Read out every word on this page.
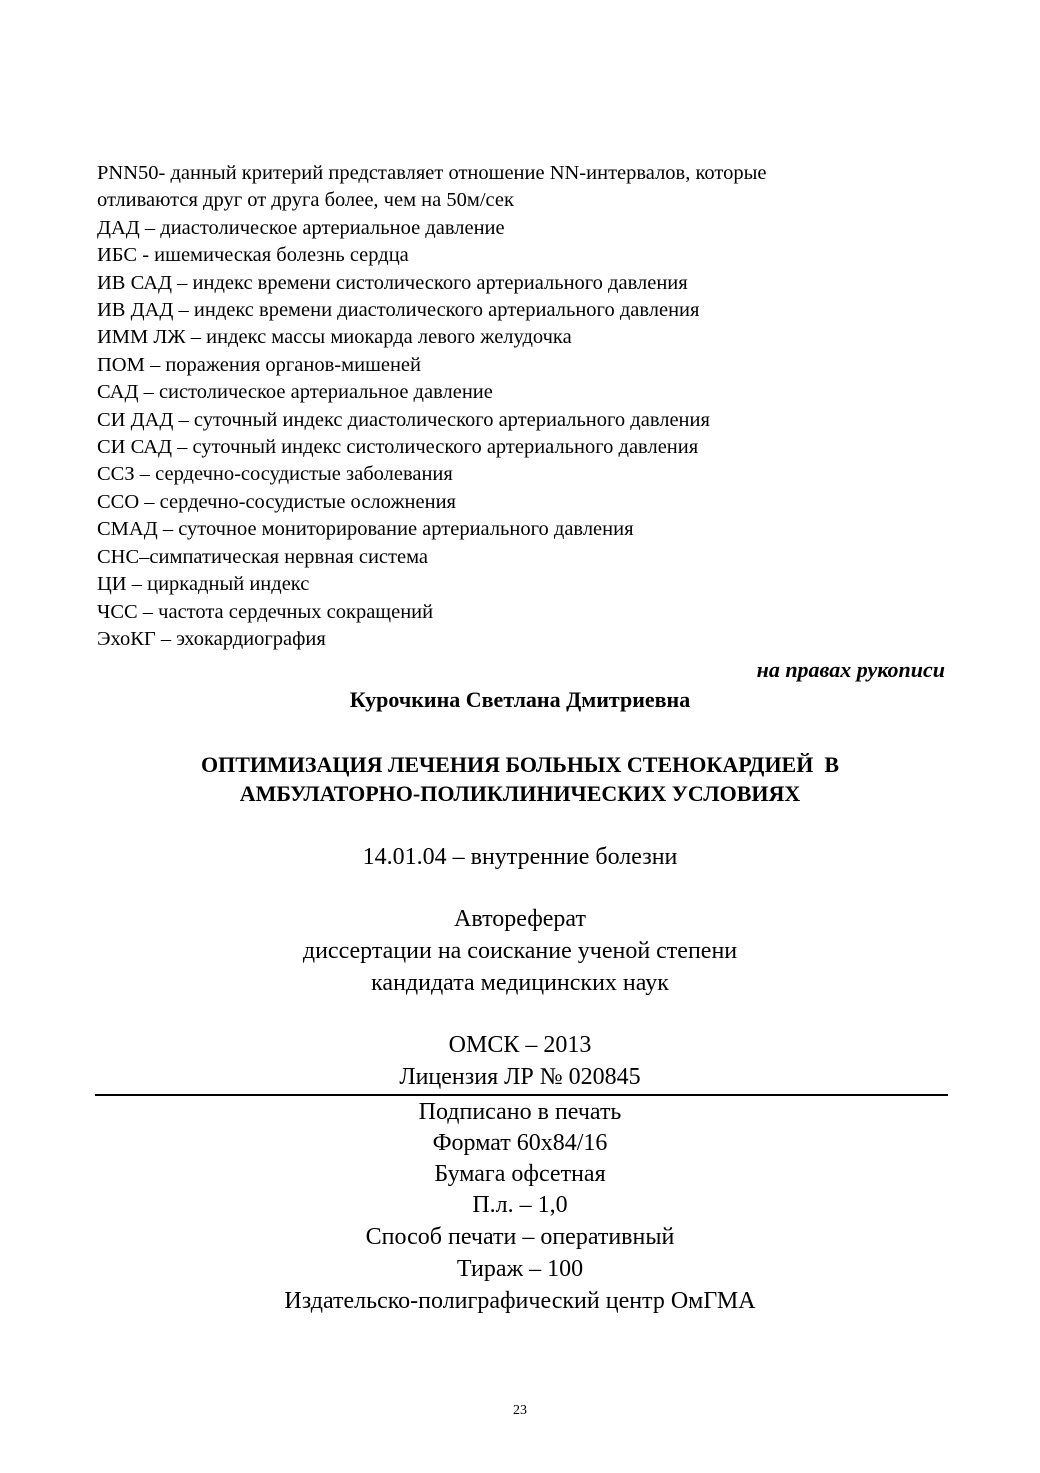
PNN50- данный критерий представляет отношение NN-интервалов, которые
отливаются друг от друга более, чем на 50м/сек
ДАД – диастолическое артериальное давление
ИБС - ишемическая болезнь сердца
ИВ САД – индекс времени систолического артериального давления
ИВ ДАД – индекс времени диастолического артериального давления
ИММ ЛЖ – индекс массы миокарда левого желудочка
ПОМ – поражения органов-мишеней
САД – систолическое артериальное давление
СИ ДАД – суточный индекс диастолического артериального давления
СИ САД – суточный индекс систолического артериального давления
ССЗ – сердечно-сосудистые заболевания
ССО – сердечно-сосудистые осложнения
СМАД – суточное мониторирование артериального давления
СНС–симпатическая нервная система
ЦИ – циркадный индекс
ЧСС – частота сердечных сокращений
ЭхоКГ – эхокардиография
на правах рукописи
Курочкина Светлана Дмитриевна
ОПТИМИЗАЦИЯ ЛЕЧЕНИЯ БОЛЬНЫХ СТЕНОКАРДИЕЙ  В
АМБУЛАТОРНО-ПОЛИКЛИНИЧЕСКИХ УСЛОВИЯХ
14.01.04 – внутренние болезни
Автореферат
диссертации на соискание ученой степени
кандидата медицинских наук
ОМСК – 2013
Лицензия ЛР № 020845
Подписано в печать
Формат 60x84/16
Бумага офсетная
П.л. – 1,0
Способ печати – оперативный
Тираж – 100
Издательско-полиграфический центр ОмГМА
23
